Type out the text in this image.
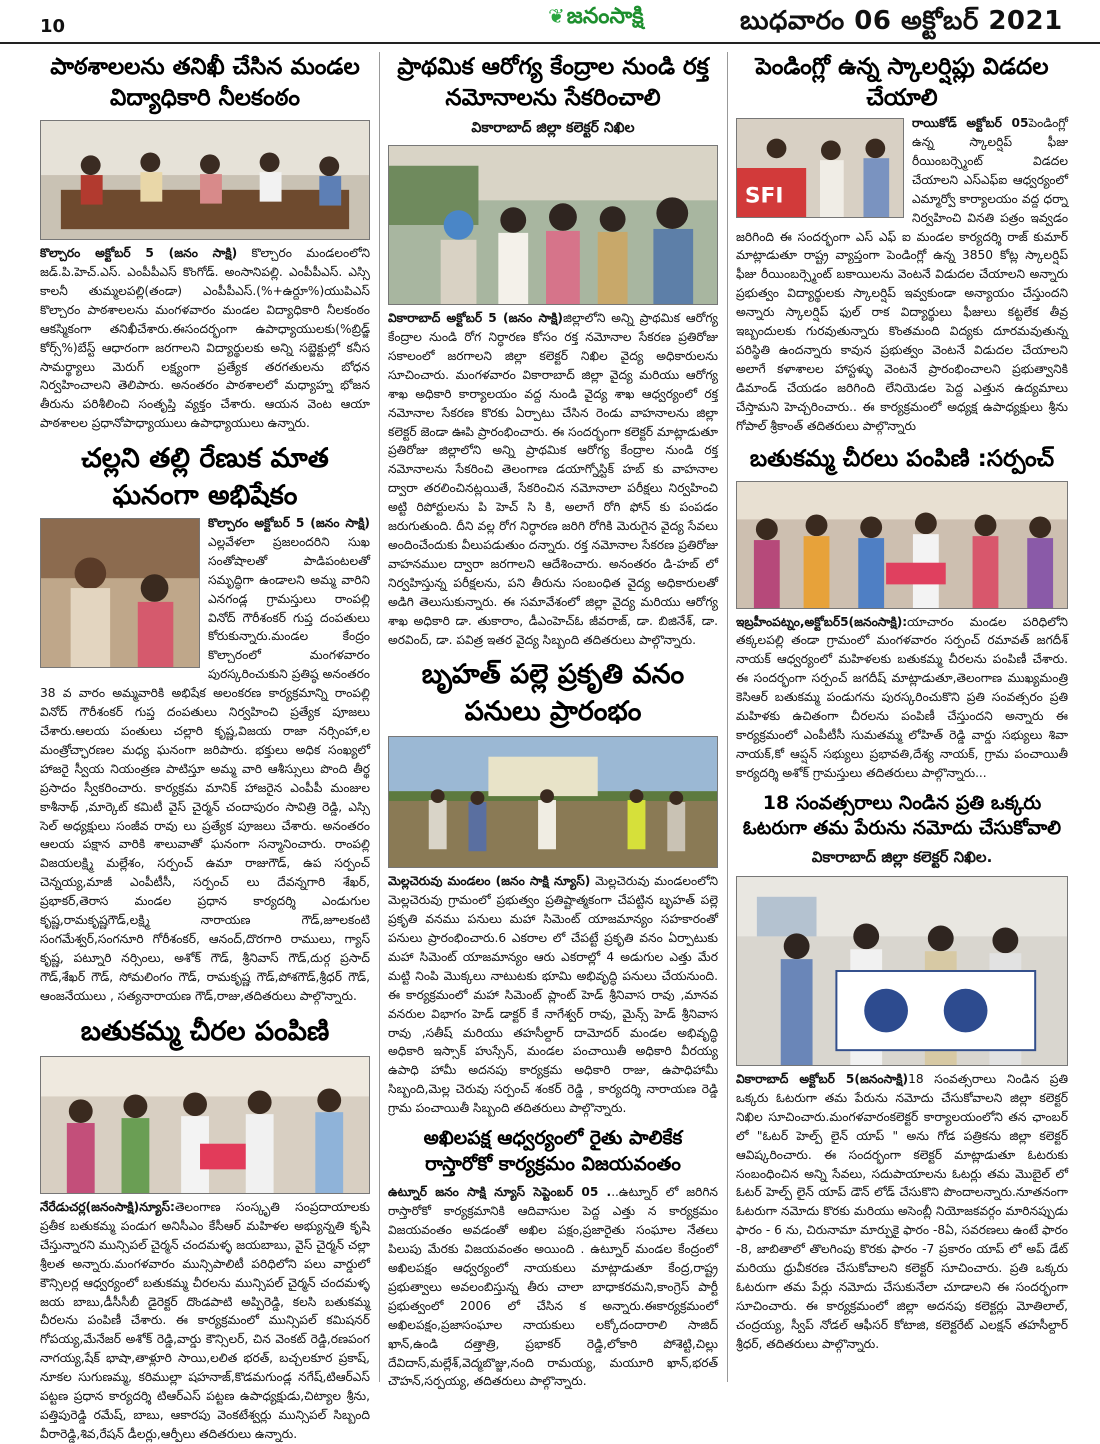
10	❦జనంసాక్షి	బుధవారం 06 అక్టోబర్ 2021
పాఠశాలలను తనిఖీ చేసిన మండల విద్యాధికారి నీలకంఠం

కొల్చారం అక్టోబర్ 5 (జనం సాక్షి) కొల్చారం మండలంలోని జడ్.పి.హెచ్.ఎస్. ఎంపీపీఎస్ కొంగోడ్. అంసానిపల్లి. ఎంపీపీఎస్. ఎస్సి కాలనీ తుమ్మలపల్లి(తండా) ఎంపీపీఎస్.(%+ఉర్దూ%)యుపిఎస్ కొల్చారం పాఠశాలలను మంగళవారం మండల విద్యాధికారి నీలకంఠం ఆకస్మికంగా తనిఖీచేశారు.ఈసందర్భంగా ఉపాధ్యాయులకు(%బ్రిడ్జ్ కోర్స్%)బేస్ట్ ఆధారంగా జరగాలని విద్యార్థులకు అన్ని సబ్జెక్టుల్లో కనీస సామర్థ్యాలు మెరుగ్ లక్ష్యంగా ప్రత్యేక తరగతులను బోధన నిర్వహించాలని తెలిపారు. అనంతరం పాఠశాలలో మధ్యాహ్న భోజన తీరును పరిశీలించి సంతృప్తి వ్యక్తం చేశారు. ఆయన వెంట ఆయా పాఠశాలల ప్రధానోపాధ్యాయులు ఉపాధ్యాయులు ఉన్నారు.

చల్లని తల్లి రేణుక మాత ఘనంగా అభిషేకం

కొల్చారం అక్టోబర్ 5 (జనం సాక్షి) ఎల్లవేళలా ప్రజలందరిని సుఖ సంతోషాలతో పాడిపంటలతో సమృద్ధిగా ఉండాలని అమ్మ వారిని ఎనగండ్ల గ్రామస్తులు రాంపల్లి వినోద్ గౌరీశంకర్ గుప్త దంపతులు కోరుకున్నారు.మండల కేంద్రం కొల్చారంలో మంగళవారం పురస్కరించుకుని ప్రతిష్ఠ అనంతరం 38 వ వారం అమ్మవారికి అభిషేక అలంకరణ కార్యక్రమాన్ని రాంపల్లి వినోద్ గౌరీశంకర్ గుప్త దంపతులు నిర్వహించి ప్రత్యేక పూజలు చేశారు.ఆలయ పంతులు చల్లారి కృష్ణ,విజయ రాజా నర్సింహా,ల మంత్రోచ్ఛారణల మధ్య ఘనంగా జరిపారు. భక్తులు అధిక సంఖ్యలో హాజరై స్వీయ నియంత్రణ పాటిస్తూ అమ్మ వారి ఆశీస్సులు పొంది తీర్థ ప్రసాదం స్వీకరించారు. కార్యక్రమ మానిక్ హాజరైన ఎంపీపీ మంజుల కాశీనాథ్ ,మార్కెట్ కమిటీ వైస్ చైర్మన్ చందాపురం సావిత్రి రెడ్డి, ఎస్సి సెల్ అధ్యక్షులు సంజీవ రావు లు ప్రత్యేక పూజలు చేశారు. అనంతరం ఆలయ పక్షాన వారికి శాలువాతో ఘనంగా సన్మానించారు. రాంపల్లి విజయలక్ష్మి మల్లేశం, సర్పంచ్ ఉమా రాజుగౌడ్, ఉప సర్పంచ్ చెన్నయ్య,మాజీ ఎంపీటీసీ, సర్పంచ్ లు దేవన్నగారి శేఖర్, ప్రభాకర్,తెరాస మండల ప్రధాన కార్యదర్శి ఎండుగుల కృష్ణ,రామకృష్ణగౌడ్,లక్ష్మి నారాయణ గౌడ్,జూలకంటి సంగమేశ్వర్,సంగనూరి గోరీశంకర్, ఆనంద్,దొరగారి రాములు, గ్యాస్ కృష్ణ, పట్నూరి నర్సింలు, అశోక్ గౌడ్, శ్రీనివాస్ గౌడ్,దుర్గ ప్రసాద్ గౌడ్,శేఖర్ గౌడ్, సోమలింగం గౌడ్, రామకృష్ణ గౌడ్,పోశగౌడ్,శ్రీధర్ గౌడ్, ఆంజనేయులు , సత్యనారాయణ గౌడ్,రాజు,తదితరులు పాల్గొన్నారు.

బతుకమ్మ చీరల పంపిణి

నేరేడుచర్ల(జనంసాక్షి)న్యూస్:తెలంగాణ సంస్కృతి సంప్రదాయాలకు ప్రతీక బతుకమ్మ పండుగ అనిసీఎం కేసీఆర్ మహిళల అభ్యున్నతి కృషి చేస్తున్నారని మున్సిపల్ చైర్మన్ చందమళ్ళ జయబాబు, వైస్ చైర్మన్ చల్లా శ్రీలత అన్నారు.మంగళవారం మున్సిపాలిటీ పరిధిలోని పలు వార్డులో కౌన్సిలర్ల ఆధ్వర్యంలో బతుకమ్మ చీరలను మున్సిపల్ చైర్మన్ చందమళ్ళ జయ బాబు,డీసీసీబీ డైరెక్టర్ దొండపాటి అప్పిరెడ్డి, కలసి బతుకమ్మ చీరలను పంపిణీ చేశారు. ఈ కార్యక్రమంలో మున్సిపల్ కమిషనర్ గోపయ్య,మేనేజర్ అశోక్ రెడ్డి,వార్డు కౌన్సిలర్, చిన వెంకట్ రెడ్డి,రణపంగ నాగయ్య,షేక్ భాషా,తాళ్లూరి సాయి,లలిత భరత్, బచ్చలకూర ప్రకాష్, నూకల సుగుణమ్మ, కరిముల్లా షహనాజ్,కొడమగుండ్ల నగేష్,టిఆర్ఎస్ పట్టణ ప్రధాన కార్యదర్శి టిఆర్ఎస్ పట్టణ ఉపాధ్యక్షుడు,చిట్యాల శ్రీను, పత్తిపురెడ్డి రమేష్, బాబు, ఆకారపు వెంకటేశ్వర్లు మున్సిపల్ సిబ్బంది వీరారెడ్డి,శివ,రేషన్ డీలర్లు,ఆర్పీలు తదితరులు ఉన్నారు.

ప్రాథమిక ఆరోగ్య కేంద్రాల నుండి రక్త నమోనాలను సేకరించాలి
వికారాబాద్ జిల్లా కలెక్టర్ నిఖిల

వికారాబాద్ అక్టోబర్ 5 (జనం సాక్షి)జిల్లాలోని అన్ని ప్రాథమిక ఆరోగ్య కేంద్రాల నుండి రోగ నిర్ధారణ కోసం రక్త నమోనాల సేకరణ ప్రతిరోజు సకాలంలో జరగాలని జిల్లా కలెక్టర్ నిఖిల వైద్య అధికారులను సూచించారు. మంగళవారం వికారాబాద్ జిల్లా వైద్య మరియు ఆరోగ్య శాఖ అధికారి కార్యాలయం వద్ద నుండి వైద్య శాఖ ఆధ్వర్యంలో రక్త నమోనాల సేకరణ కొరకు ఏర్పాటు చేసిన రెండు వాహనాలను జిల్లా కలెక్టర్ జెండా ఊపి ప్రారంభించారు. ఈ సందర్భంగా కలెక్టర్ మాట్లాడుతూ ప్రతిరోజు జిల్లాలోని అన్ని ప్రాథమిక ఆరోగ్య కేంద్రాల నుండి రక్త నమోనాలను సేకరించి తెలంగాణ డయాగ్నోస్టిక్ హబ్ కు వాహనాల ద్వారా తరలించినట్లయితే, సేకరించిన నమోనాలా పరీక్షలు నిర్వహించి అట్టి రిపోర్టులను పి హెచ్ సి కి, అలాగే రోగి ఫోన్ కు పంపడం జరుగుతుంది. దీని వల్ల రోగ నిర్ధారణ జరిగి రోగికి మెరుగైన వైద్య సేవలు అందించేందుకు వీలుపడుతుం దన్నారు. రక్త నమోనాల సేకరణ ప్రతిరోజు వాహనముల ద్వారా జరగాలని ఆదేశించారు. అనంతరం డి-హబ్ లో నిర్వహిస్తున్న పరీక్షలను, పని తీరును సంబంధిత వైద్య అధికారులతో అడిగి తెలుసుకున్నారు. ఈ సమావేశంలో జిల్లా వైద్య మరియు ఆరోగ్య శాఖ అధికారి డా. తుకారాం, డీఎంహెచ్ఓ జీవరాజ్, డా. బిజినేశ్, డా. అరవింద్, డా. పవిత్ర ఇతర వైద్య సిబ్బంది తదితరులు పాల్గొన్నారు.

బృహత్ పల్లె ప్రకృతి వనం పనులు ప్రారంభం

మెల్లచెరువు మండలం (జనం సాక్షి న్యూస్) మెల్లచెరువు మండలంలోని మెల్లచెరువు గ్రామంలో ప్రభుత్వం ప్రతిష్టాత్మకంగా చేపట్టిన బృహత్ పల్లె ప్రకృతి వనము పనులు మహా సిమెంట్ యాజమాన్యం సహకారంతో పనులు ప్రారంభించారు.6 ఎకరాల లో చేపట్టే ప్రకృతి వనం ఏర్పాటుకు మహా సిమెంట్ యాజమాన్యం ఆరు ఎకరాల్లో 4 అడుగుల ఎత్తు మేర మట్టి నింపి మొక్కలు నాటుటకు భూమి అభివృద్ధి పనులు చేయనుంది. ఈ కార్యక్రమంలో మహా సిమెంట్ ప్లాంట్ హెడ్ శ్రీనివాస రావు ,మానవ వనరుల విభాగం హెడ్ డాక్టర్ కే నాగేశ్వర్ రావు, మైన్స్ హెడ్ శ్రీనివాస రావు ,సతీష్ మరియు తహసీల్దార్ దామోదర్ మండల అభివృద్ధి అధికారి ఇస్సాక్ హుస్సేన్, మండల పంచాయితీ అధికారి వీరయ్య ఉపాధి హామీ అదనపు కార్యక్రమ అధికారి రాజు, ఉపాధిహామీ సిబ్బంది,మెల్ల చెరువు సర్పంచ్ శంకర్ రెడ్డి , కార్యదర్శి నారాయణ రెడ్డి గ్రామ పంచాయితీ సిబ్బంది తదితరులు పాల్గొన్నారు.

అఖిలపక్ష ఆధ్వర్యంలో రైతు పాలికేక రాస్తారోకో కార్యక్రమం విజయవంతం

ఉట్నూర్ జనం సాక్షి న్యూస్ సెప్టెంబర్ 05 ...ఉట్నూర్ లో జరిగిన రాస్తారోకో కార్యక్రమానికి ఆదివాసుల పెద్ద ఎత్తు న కార్యక్రమం విజయవంతం అవడంతో అఖిల పక్షం,ప్రజారైతు సంఘాల నేతలు పిలుపు మేరకు విజయవంతం అయింది . ఉట్నూర్ మండల కేంద్రంలో అఖిలపక్షం ఆధ్వర్యంలో నాయకులు మాట్లాడుతూ కేంద్ర,రాష్ట్ర ప్రభుత్వాలు అవలంబిస్తున్న తీరు చాలా బాధాకరమని,కాంగ్రెస్ పార్టీ ప్రభుత్వంలో 2006 లో చేసిన క అన్నారు.ఈకార్యక్రమంలో అఖిలపక్షం,ప్రజాసంఘాల నాయకులు లక్కోదందారాలి సాజిద్ ఖాన్,ఉండి దత్తాత్రి, ప్రభాకర్ రెడ్డి,లోకారి పోశెట్టి,చిల్లు దేవిదాస్,మల్లేశ్,వెద్మబొజ్జు,నంది రామయ్య, మయూరి ఖాన్,భరత్ చౌహన్,సర్పయ్య, తదితరులు పాల్గొన్నారు.

పెండింగ్లో ఉన్న స్కాలర్షిప్లు విడదల చేయాలి
SFI

రాయికోడ్ అక్టోబర్ 05పెండింగ్లో ఉన్న స్కాలర్షిప్ ఫీజు రీయింబర్స్మెంట్ విడదల చేయాలని ఎస్ఎఫ్ఐ ఆధ్వర్యంలో ఎమ్మార్వో కార్యాలయం వద్ద ధర్నా నిర్వహించి వినతి పత్రం ఇవ్వడం జరిగింది ఈ సందర్భంగా ఎస్ ఎఫ్ ఐ మండల కార్యదర్శి రాజ్ కుమార్ మాట్లాడుతూ రాష్ట్ర వ్యాప్తంగా పెండింగ్లో ఉన్న 3850 కోట్ల స్కాలర్షిప్ ఫీజు రీయింబర్స్మెంట్ బకాయిలను వెంటనే విడుదల చేయాలని అన్నారు ప్రభుత్వం విద్యార్థులకు స్కాలర్షిప్ ఇవ్వకుండా అన్యాయం చేస్తుందని అన్నారు స్కాలర్షిప్ ఫుల్ రాక విద్యార్థులు ఫీజులు కట్టలేక తీవ్ర ఇబ్బందులకు గురవుతున్నారు కొంతమంది విద్యకు దూరమవుతున్న పరిస్థితి ఉందన్నారు కావున ప్రభుత్వం వెంటనే విడుదల చేయాలని అలాగే కళాశాలల హాస్టళ్ళు వెంటనే ప్రారంభించాలని ప్రభుత్వానికి డిమాండ్ చేయడం జరిగింది లేనియెడల పెద్ద ఎత్తున ఉద్యమాలు చేస్తామని హెచ్చరించారు.. ఈ కార్యక్రమంలో అధ్యక్ష ఉపాధ్యక్షులు శ్రీను గోపాల్ శ్రీకాంత్ తదితరులు పాల్గొన్నారు

బతుకమ్మ చీరలు పంపిణి :సర్పంచ్

ఇబ్రహీంపట్నం,అక్టోబర్5(జనంసాక్షి):యాచారం మండల పరిధిలోని తక్కలపల్లి తండా గ్రామంలో మంగళవారం సర్పంచ్ రమావత్ జగదీశ్ నాయక్ ఆధ్వర్యంలో మహిళలకు బతుకమ్మ చీరలను పంపిణీ చేశారు. ఈ సందర్భంగా సర్పంచ్ జగదీష్ మాట్లాడుతూ,తెలంగాణ ముఖ్యమంత్రి కెసిఆర్ బతుకమ్మ పండుగను పురస్కరించుకొని ప్రతి సంవత్సరం ప్రతి మహిళకు ఉచితంగా చీరలను పంపిణీ చేస్తుందని అన్నారు ఈ కార్యక్రమంలో ఎంపీటీసీ సుమతమ్మ లోహిత్ రెడ్డి వార్డు సభ్యులు శివా నాయక్,కో ఆప్షన్ సభ్యులు ప్రభావతి,దేశ్య నాయక్, గ్రామ పంచాయితీ కార్యదర్శి అశోక్ గ్రామస్తులు తదితరులు పాల్గొన్నారు...

18 సంవత్సరాలు నిండిన ప్రతి ఒక్కరు ఓటరుగా తమ పేరును నమోదు చేసుకోవాలి
వికారాబాద్ జిల్లా కలెక్టర్ నిఖిల.

వికారాబాద్ అక్టోబర్ 5(జనంసాక్షి)18 సంవత్సరాలు నిండిన ప్రతి ఒక్కరు ఓటరుగా తమ పేరును నమోదు చేసుకోవాలని జిల్లా కలెక్టర్ నిఖిల సూచించారు.మంగళవారంకలెక్టర్ కార్యాలయంలోని తన ఛాంబర్ లో "ఓటర్ హెల్ప్ లైన్ యాప్ " అను గోడ పత్రికను జిల్లా కలెక్టర్ ఆవిష్కరించారు. ఈ సందర్భంగా కలెక్టర్ మాట్లాడుతూ ఓటరుకు సంబంధించిన అన్ని సేవలు, సదుపాయాలను ఓటర్లు తమ మొబైల్ లో ఓటర్ హెల్ప్ లైన్ యాప్ డౌన్ లోడ్ చేసుకొని పొందాలన్నారు.నూతనంగా ఓటరుగా నమోదు కొరకు మరియు అసెంబ్లీ నియోజకవర్గం మారినప్పుడు ఫారం - 6 ను, చిరునామా మార్పుకై ఫారం -8ఏ, సవరణలు ఉంటే ఫారం -8, జాబితాలో తొలగింపు కొరకు ఫారం -7 ప్రకారం యాప్ లో అప్ డేట్ మరియు ధ్రువీకరణ చేసుకోవాలని కలెక్టర్ సూచించారు. ప్రతి ఒక్కరు ఓటరుగా తమ పేర్లు నమోదు చేసుకునేలా చూడాలని ఈ సందర్భంగా సూచించారు. ఈ కార్యక్రమంలో జిల్లా అదనపు కలెక్టర్లు మోతిలాల్, చంద్రయ్య, స్వీప్ నోడల్ ఆఫీసర్ కోటాజి, కలెక్టరేట్ ఎలక్షన్ తహసీల్దార్ శ్రీధర్, తదితరులు పాల్గొన్నారు.
